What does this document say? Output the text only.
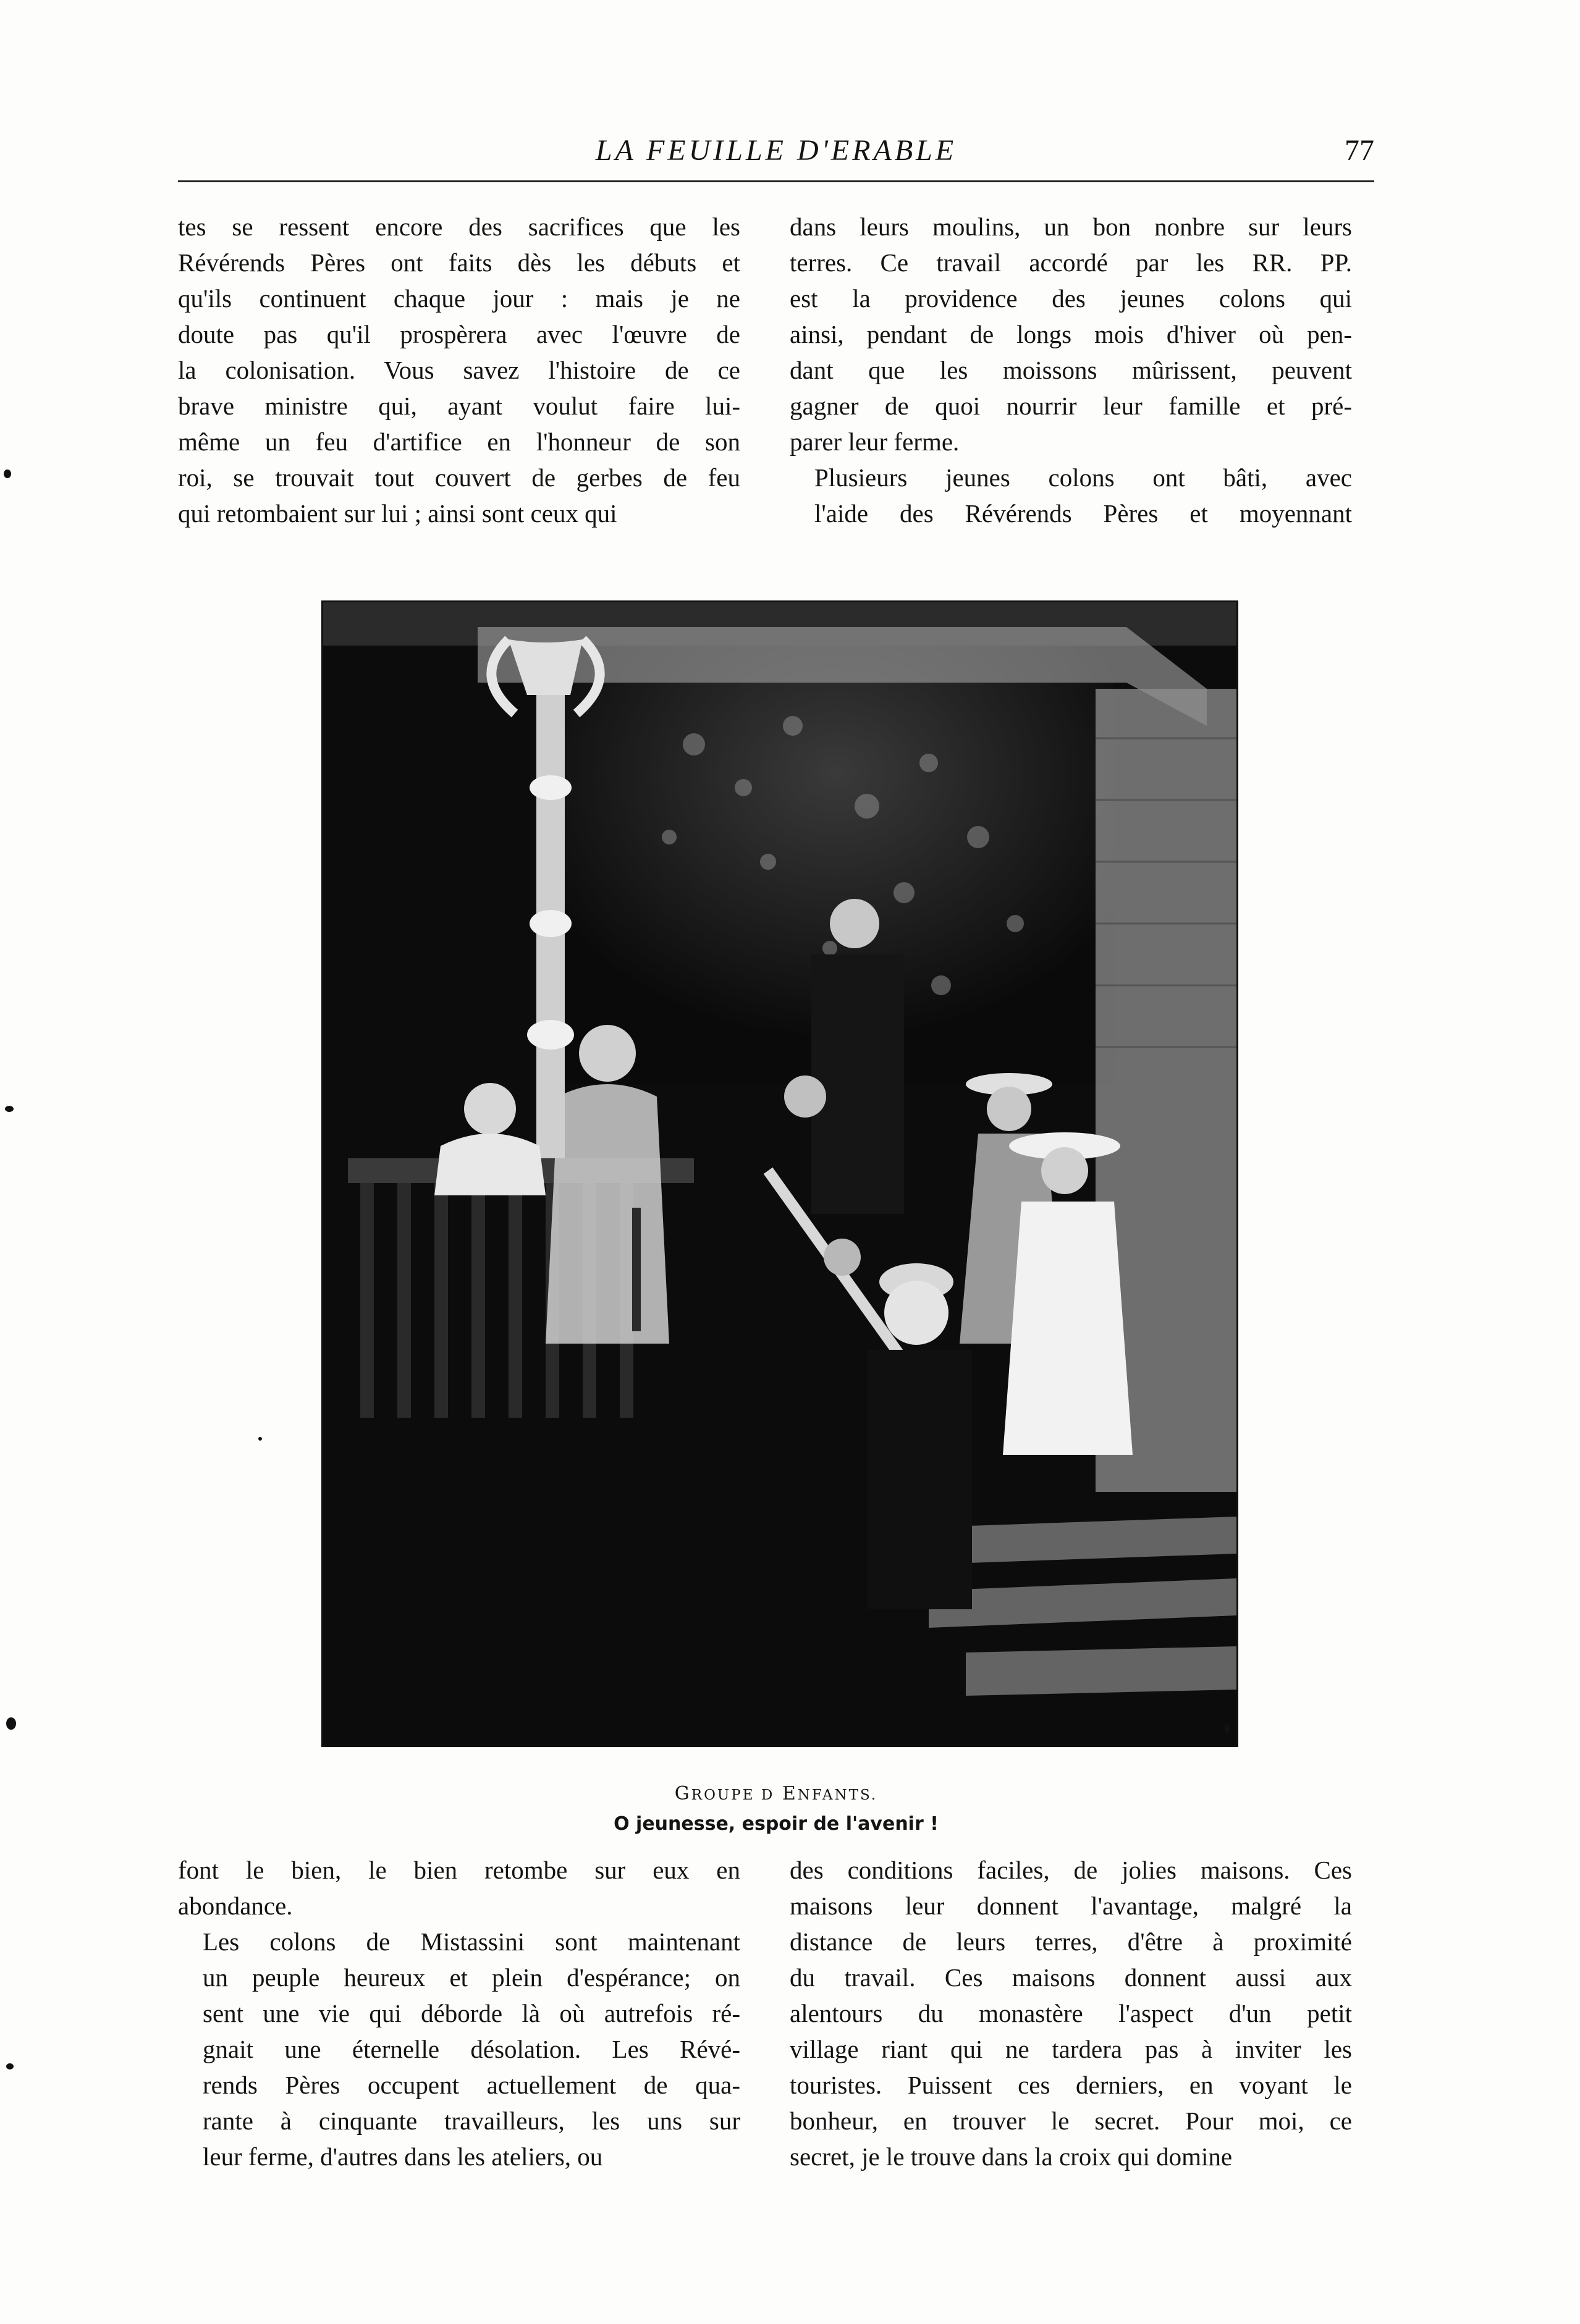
LA FEUILLE D'ERABLE	77

tes se ressent encore des sacrifices que les
Révérends Pères ont faits dès les débuts et
qu'ils continuent chaque jour : mais je ne
doute pas qu'il prospèrera avec l'œuvre de
la colonisation. Vous savez l'histoire de ce
brave ministre qui, ayant voulut faire lui-
même un feu d'artifice en l'honneur de son
roi, se trouvait tout couvert de gerbes de feu
qui retombaient sur lui ; ainsi sont ceux qui

dans leurs moulins, un bon nonbre sur leurs
terres. Ce travail accordé par les RR. PP.
est la providence des jeunes colons qui
ainsi, pendant de longs mois d'hiver où pen-
dant que les moissons mûrissent, peuvent
gagner de quoi nourrir leur famille et pré-
parer leur ferme.

Plusieurs jeunes colons ont bâti, avec
l'aide des Révérends Pères et moyennant

GROUPE D ENFANTS.
O jeunesse, espoir de l'avenir !

font le bien, le bien retombe sur eux en
abondance.

Les colons de Mistassini sont maintenant
un peuple heureux et plein d'espérance; on
sent une vie qui déborde là où autrefois ré-
gnait une éternelle désolation. Les Révé-
rends Pères occupent actuellement de qua-
rante à cinquante travailleurs, les uns sur
leur ferme, d'autres dans les ateliers, ou

des conditions faciles, de jolies maisons. Ces
maisons leur donnent l'avantage, malgré la
distance de leurs terres, d'être à proximité
du travail. Ces maisons donnent aussi aux
alentours du monastère l'aspect d'un petit
village riant qui ne tardera pas à inviter les
touristes. Puissent ces derniers, en voyant le
bonheur, en trouver le secret. Pour moi, ce
secret, je le trouve dans la croix qui domine
